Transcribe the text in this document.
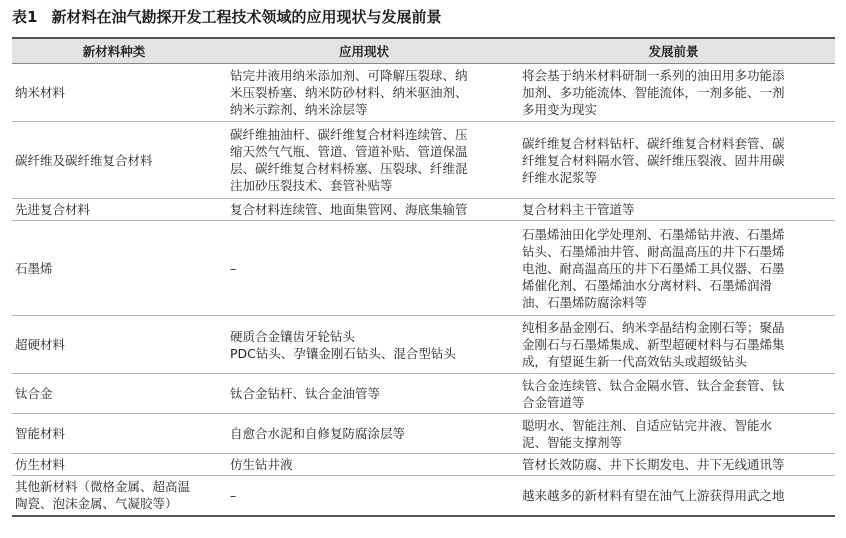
表1 新材料在油气勘探开发工程技术领域的应用现状与发展前景
新材料种类	应用现状	发展前景

纳米材料	钻完井液用纳米添加剂、可降解压裂球、纳
米压裂桥塞、纳米防砂材料、纳米驱油剂、
纳米示踪剂、纳米涂层等	将会基于纳米材料研制一系列的油田用多功能添
加剂、多功能流体、智能流体，一剂多能、一剂
多用变为现实

碳纤维及碳纤维复合材料	碳纤维抽油杆、碳纤维复合材料连续管、压
缩天然气气瓶、管道、管道补贴、管道保温
层、碳纤维复合材料桥塞、压裂球、纤维混
注加砂压裂技术、套管补贴等	碳纤维复合材料钻杆、碳纤维复合材料套管、碳
纤维复合材料隔水管、碳纤维压裂液、固井用碳
纤维水泥浆等

先进复合材料	复合材料连续管、地面集管网、海底集输管	复合材料主干管道等

石墨烯	–	石墨烯油田化学处理剂、石墨烯钻井液、石墨烯
钻头、石墨烯油井管、耐高温高压的井下石墨烯
电池、耐高温高压的井下石墨烯工具仪器、石墨
烯催化剂、石墨烯油水分离材料、石墨烯润滑
油、石墨烯防腐涂料等

超硬材料	硬质合金镶齿牙轮钻头
PDC钻头、孕镶金刚石钻头、混合型钻头	纯相多晶金刚石、纳米孪晶结构金刚石等；聚晶
金刚石与石墨烯集成、新型超硬材料与石墨烯集
成，有望诞生新一代高效钻头或超级钻头

钛合金	钛合金钻杆、钛合金油管等	钛合金连续管、钛合金隔水管、钛合金套管、钛
合金管道等

智能材料	自愈合水泥和自修复防腐涂层等	聪明水、智能注剂、自适应钻完井液、智能水
泥、智能支撑剂等

仿生材料	仿生钻井液	管材长效防腐、井下长期发电、井下无线通讯等

其他新材料（微格金属、超高温
陶瓷、泡沫金属、气凝胶等）	–	越来越多的新材料有望在油气上游获得用武之地
